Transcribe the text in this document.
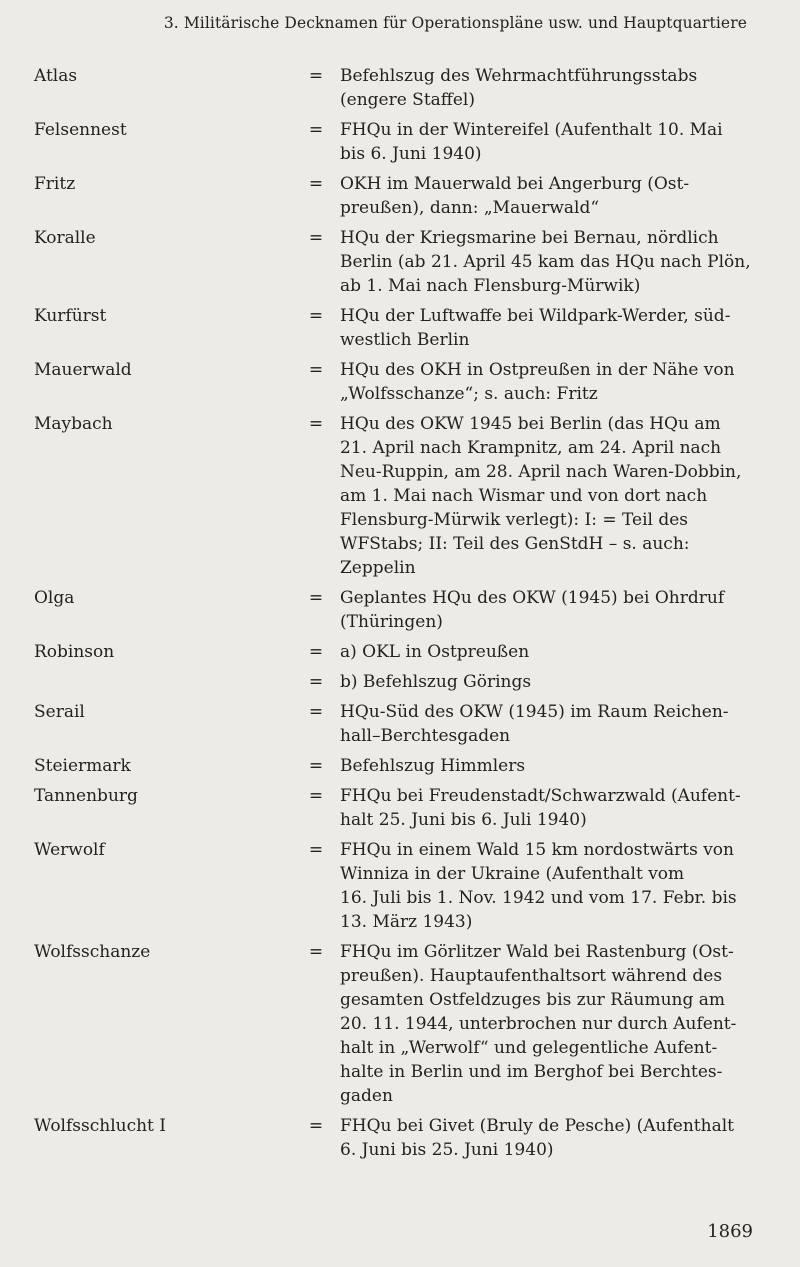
3. Militärische Decknamen für Operationspläne usw. und Hauptquartiere
Atlas	= Befehlszug des Wehrmachtführungsstabs
(engere Staffel)
Felsennest	= FHQu in der Wintereifel (Aufenthalt 10. Mai
bis 6. Juni 1940)
Fritz	= OKH im Mauerwald bei Angerburg (Ost-
preußen), dann: „Mauerwald“
Koralle	= HQu der Kriegsmarine bei Bernau, nördlich
Berlin (ab 21. April 45 kam das HQu nach Plön,
ab 1. Mai nach Flensburg-Mürwik)
Kurfürst	= HQu der Luftwaffe bei Wildpark-Werder, süd-
westlich Berlin
Mauerwald	= HQu des OKH in Ostpreußen in der Nähe von
„Wolfsschanze“; s. auch: Fritz
Maybach	= HQu des OKW 1945 bei Berlin (das HQu am
21. April nach Krampnitz, am 24. April nach
Neu-Ruppin, am 28. April nach Waren-Dobbin,
am 1. Mai nach Wismar und von dort nach
Flensburg-Mürwik verlegt): I: = Teil des
WFStabs; II: Teil des GenStdH – s. auch:
Zeppelin
Olga	= Geplantes HQu des OKW (1945) bei Ohrdruf
(Thüringen)
Robinson	= a) OKL in Ostpreußen
= b) Befehlszug Görings
Serail	= HQu-Süd des OKW (1945) im Raum Reichen-
hall–Berchtesgaden
Steiermark	= Befehlszug Himmlers
Tannenburg	= FHQu bei Freudenstadt/Schwarzwald (Aufent-
halt 25. Juni bis 6. Juli 1940)
Werwolf	= FHQu in einem Wald 15 km nordostwärts von
Winniza in der Ukraine (Aufenthalt vom
16. Juli bis 1. Nov. 1942 und vom 17. Febr. bis
13. März 1943)
Wolfsschanze	= FHQu im Görlitzer Wald bei Rastenburg (Ost-
preußen). Hauptaufenthaltsort während des
gesamten Ostfeldzuges bis zur Räumung am
20. 11. 1944, unterbrochen nur durch Aufent-
halt in „Werwolf“ und gelegentliche Aufent-
halte in Berlin und im Berghof bei Berchtes-
gaden
Wolfsschlucht I	= FHQu bei Givet (Bruly de Pesche) (Aufenthalt
6. Juni bis 25. Juni 1940)
1869
